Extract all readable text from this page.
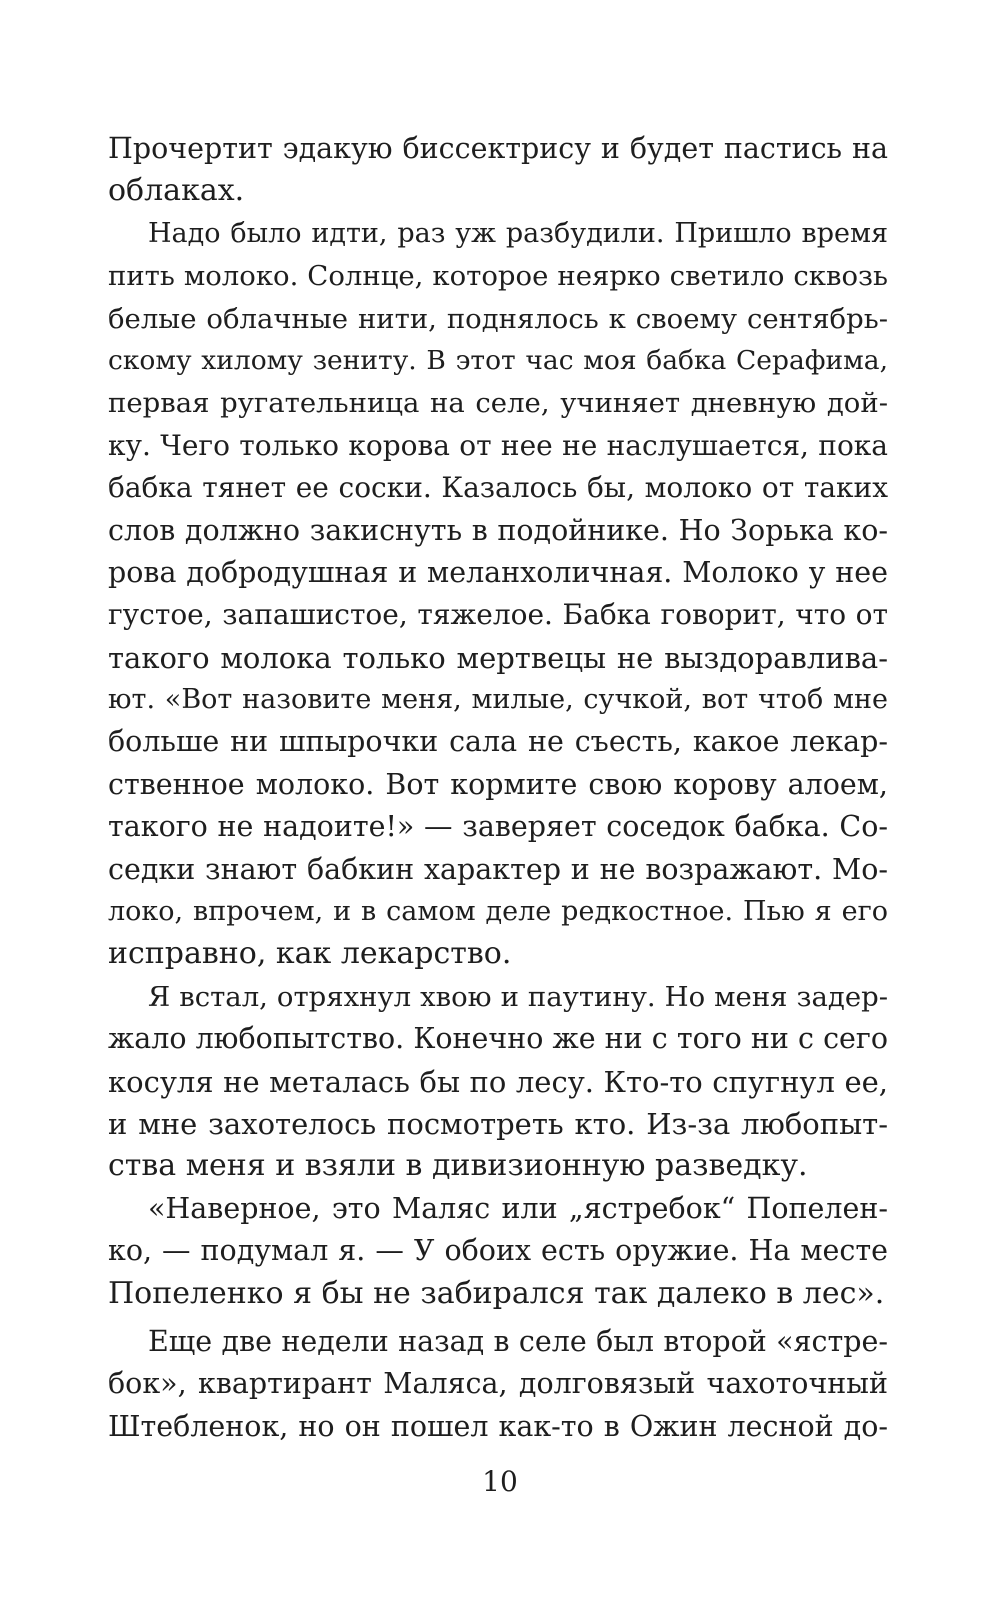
Прочертит эдакую биссектрису и будет пастись на
облаках.
Надо было идти, раз уж разбудили. Пришло время
пить молоко. Солнце, которое неярко светило сквозь
белые облачные нити, поднялось к своему сентябрь-
скому хилому зениту. В этот час моя бабка Серафима,
первая ругательница на селе, учиняет дневную дой-
ку. Чего только корова от нее не наслушается, пока
бабка тянет ее соски. Казалось бы, молоко от таких
слов должно закиснуть в подойнике. Но Зорька ко-
рова добродушная и меланхоличная. Молоко у нее
густое, запашистое, тяжелое. Бабка говорит, что от
такого молока только мертвецы не выздоравлива-
ют. «Вот назовите меня, милые, сучкой, вот чтоб мне
больше ни шпырочки сала не съесть, какое лекар-
ственное молоко. Вот кормите свою корову алоем,
такого не надоите!» — заверяет соседок бабка. Со-
седки знают бабкин характер и не возражают. Мо-
локо, впрочем, и в самом деле редкостное. Пью я его
исправно, как лекарство.
Я встал, отряхнул хвою и паутину. Но меня задер-
жало любопытство. Конечно же ни с того ни с сего
косуля не металась бы по лесу. Кто-то спугнул ее,
и мне захотелось посмотреть кто. Из-за любопыт-
ства меня и взяли в дивизионную разведку.
«Наверное, это Маляс или „ястребок“ Попелен-
ко, — подумал я. — У обоих есть оружие. На месте
Попеленко я бы не забирался так далеко в лес».
Еще две недели назад в селе был второй «ястре-
бок», квартирант Маляса, долговязый чахоточный
Штебленок, но он пошел как-то в Ожин лесной до-
10
